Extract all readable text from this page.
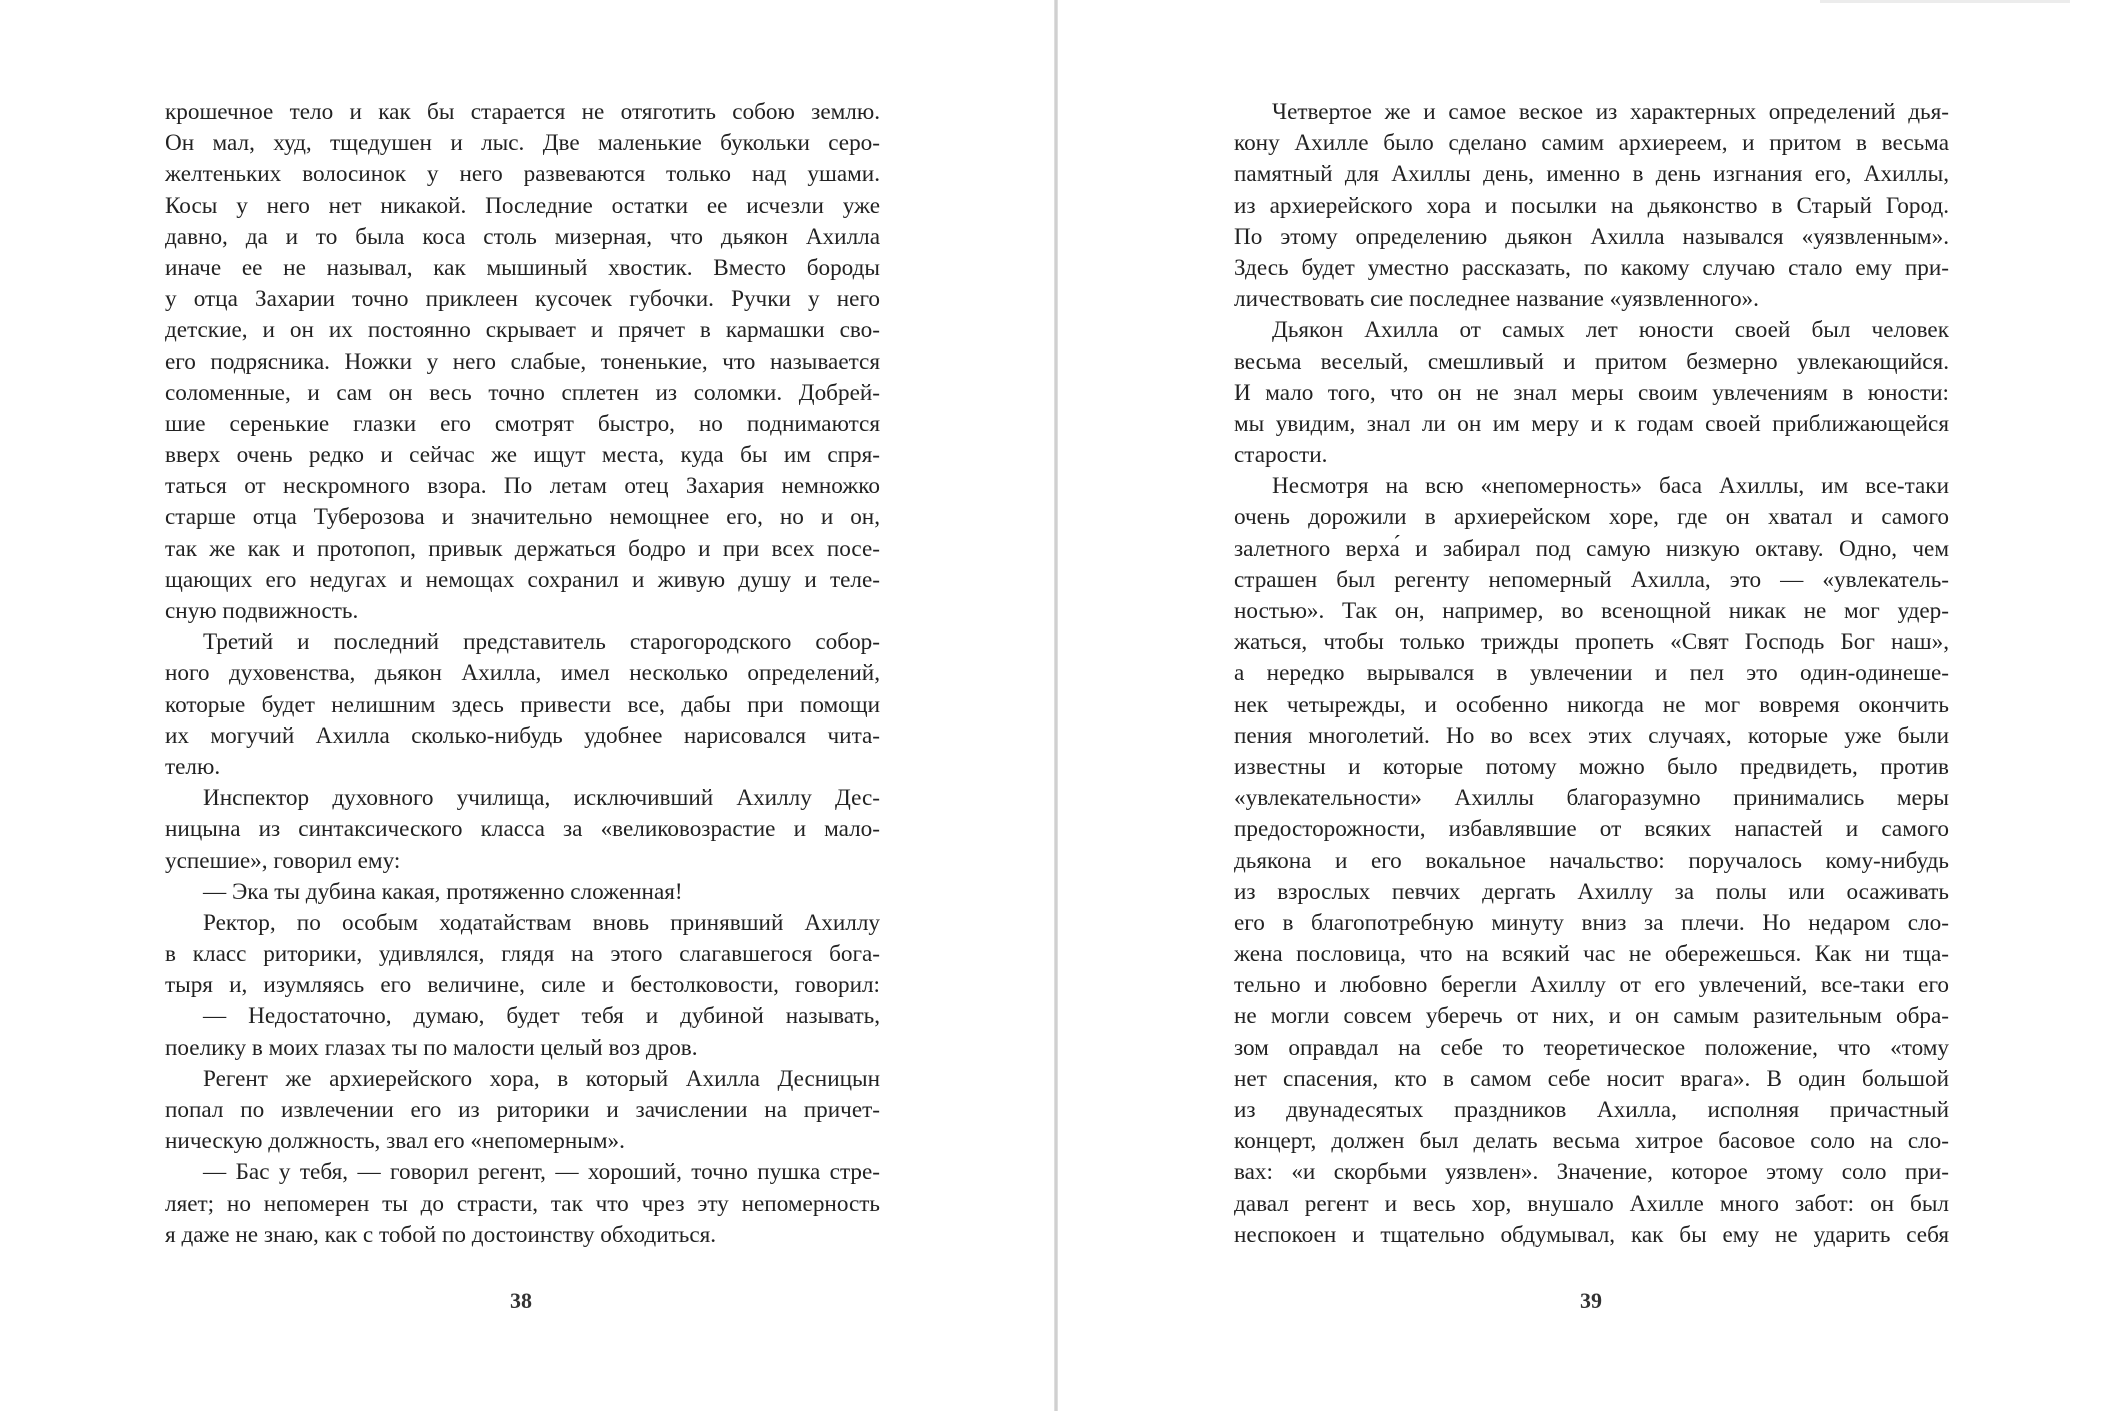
крошечное тело и как бы старается не отяготить собою землю.
Он мал, худ, тщедушен и лыс. Две маленькие букольки серо-
желтеньких волосинок у него развеваются только над ушами.
Косы у него нет никакой. Последние остатки ее исчезли уже
давно, да и то была коса столь мизерная, что дьякон Ахилла
иначе ее не называл, как мышиный хвостик. Вместо бороды
у отца Захарии точно приклеен кусочек губочки. Ручки у него
детские, и он их постоянно скрывает и прячет в кармашки сво-
его подрясника. Ножки у него слабые, тоненькие, что называется
соломенные, и сам он весь точно сплетен из соломки. Добрей-
шие серенькие глазки его смотрят быстро, но поднимаются
вверх очень редко и сейчас же ищут места, куда бы им спря-
таться от нескромного взора. По летам отец Захария немножко
старше отца Туберозова и значительно немощнее его, но и он,
так же как и протопоп, привык держаться бодро и при всех посе-
щающих его недугах и немощах сохранил и живую душу и теле-
сную подвижность.
Третий и последний представитель старогородского собор-
ного духовенства, дьякон Ахилла, имел несколько определений,
которые будет нелишним здесь привести все, дабы при помощи
их могучий Ахилла сколько-нибудь удобнее нарисовался чита-
телю.
Инспектор духовного училища, исключивший Ахиллу Дес-
ницына из синтаксического класса за «великовозрастие и мало-
успешие», говорил ему:
— Эка ты дубина какая, протяженно сложенная!
Ректор, по особым ходатайствам вновь принявший Ахиллу
в класс риторики, удивлялся, глядя на этого слагавшегося бога-
тыря и, изумляясь его величине, силе и бестолковости, говорил:
— Недостаточно, думаю, будет тебя и дубиной называть,
поелику в моих глазах ты по малости целый воз дров.
Регент же архиерейского хора, в который Ахилла Десницын
попал по извлечении его из риторики и зачислении на причет-
ническую должность, звал его «непомерным».
— Бас у тебя, — говорил регент, — хороший, точно пушка стре-
ляет; но непомерен ты до страсти, так что чрез эту непомерность
я даже не знаю, как с тобой по достоинству обходиться.
38
Четвертое же и самое веское из характерных определений дья-
кону Ахилле было сделано самим архиереем, и притом в весьма
памятный для Ахиллы день, именно в день изгнания его, Ахиллы,
из архиерейского хора и посылки на дьяконство в Старый Город.
По этому определению дьякон Ахилла назывался «уязвленным».
Здесь будет уместно рассказать, по какому случаю стало ему при-
личествовать сие последнее название «уязвленного».
Дьякон Ахилла от самых лет юности своей был человек
весьма веселый, смешливый и притом безмерно увлекающийся.
И мало того, что он не знал меры своим увлечениям в юности:
мы увидим, знал ли он им меру и к годам своей приближающейся
старости.
Несмотря на всю «непомерность» баса Ахиллы, им все-таки
очень дорожили в архиерейском хоре, где он хватал и самого
залетного верха́ и забирал под самую низкую октаву. Одно, чем
страшен был регенту непомерный Ахилла, это — «увлекатель-
ностью». Так он, например, во всенощной никак не мог удер-
жаться, чтобы только трижды пропеть «Свят Господь Бог наш»,
а нередко вырывался в увлечении и пел это один-одинешe-
нек четырежды, и особенно никогда не мог вовремя окончить
пения многолетий. Но во всех этих случаях, которые уже были
известны и которые потому можно было предвидеть, против
«увлекательности» Ахиллы благоразумно принимались меры
предосторожности, избавлявшие от всяких напастей и самого
дьякона и его вокальное начальство: поручалось кому-нибудь
из взрослых певчих дергать Ахиллу за полы или осаживать
его в благопотребную минуту вниз за плечи. Но недаром сло-
жена пословица, что на всякий час не обережешься. Как ни тща-
тельно и любовно берегли Ахиллу от его увлечений, все-таки его
не могли совсем уберечь от них, и он самым разительным обра-
зом оправдал на себе то теоретическое положение, что «тому
нет спасения, кто в самом себе носит врага». В один большой
из двунадесятых праздников Ахилла, исполняя причастный
концерт, должен был делать весьма хитрое басовое соло на сло-
вах: «и скорбьми уязвлен». Значение, которое этому соло при-
давал регент и весь хор, внушало Ахилле много забот: он был
неспокоен и тщательно обдумывал, как бы ему не ударить себя
39
